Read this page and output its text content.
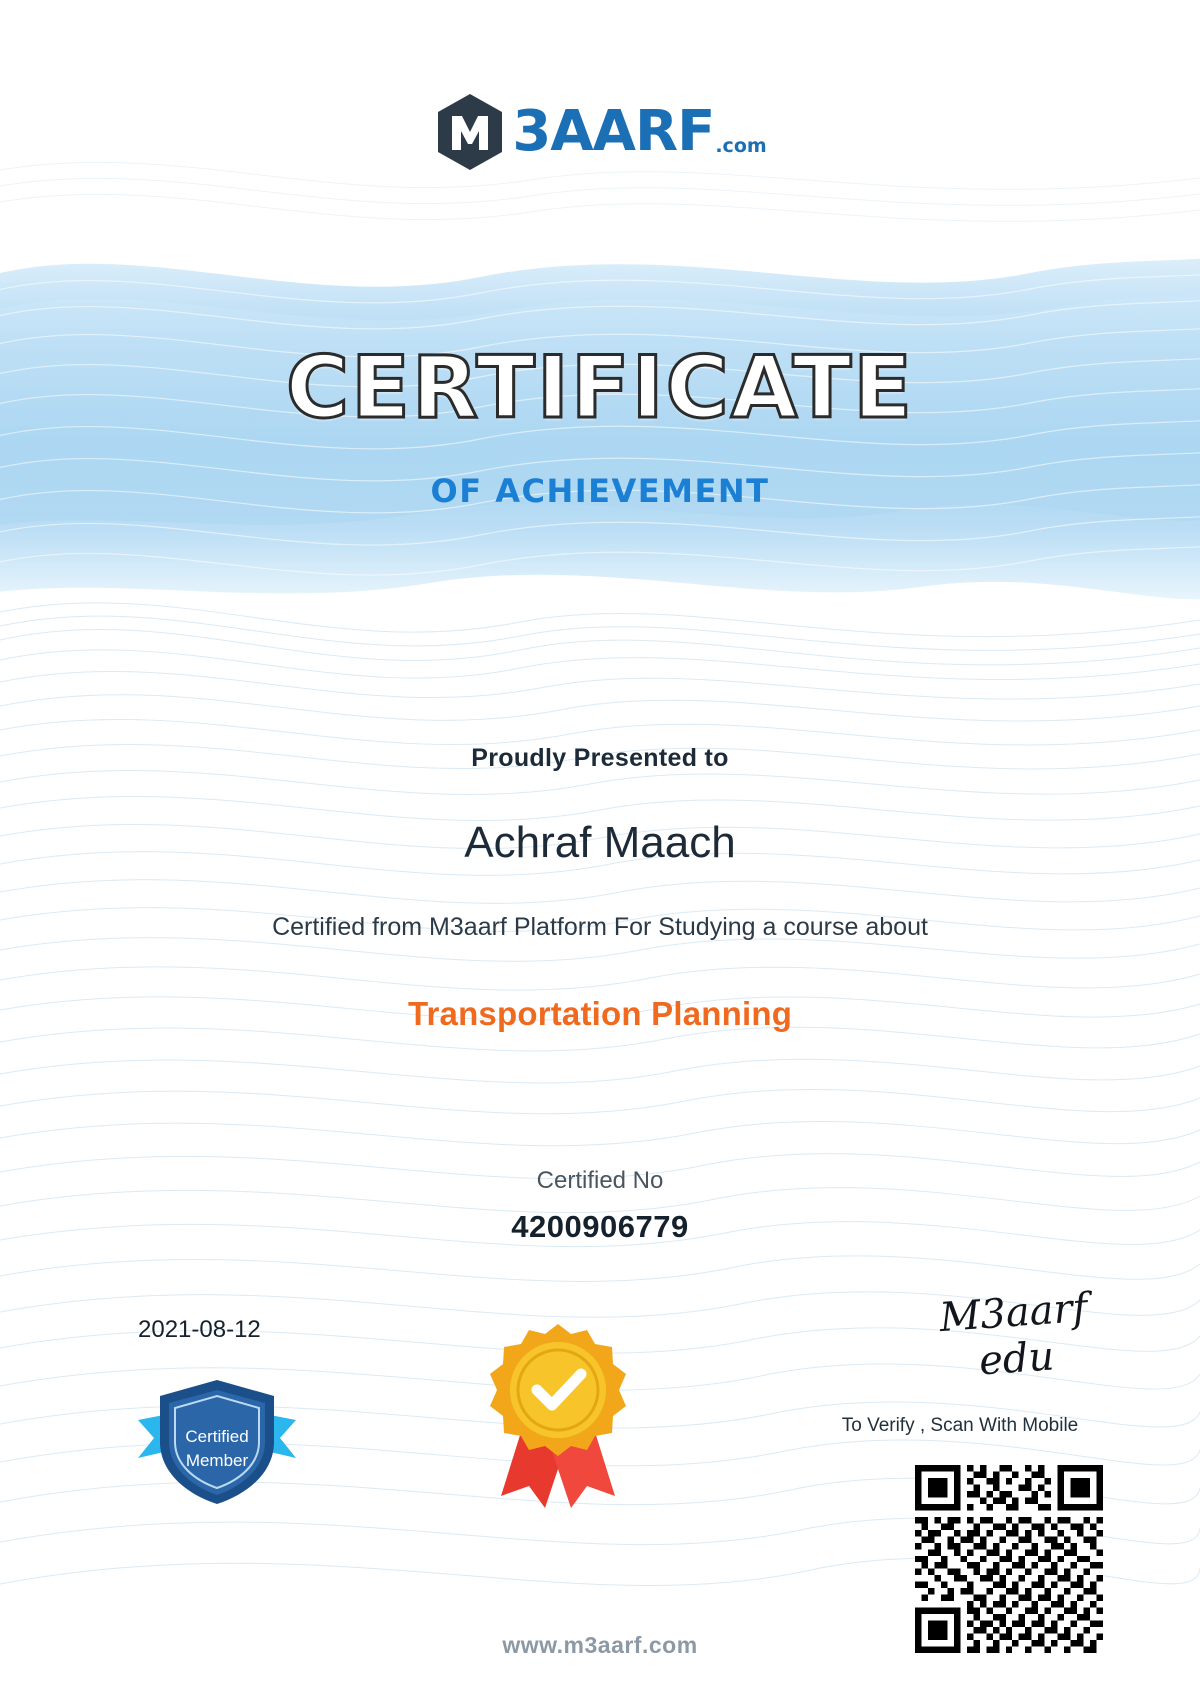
3AARF .com
CERTIFICATE
OF ACHIEVEMENT
Proudly Presented to
Achraf Maach
Certified from M3aarf Platform For Studying a course about
Transportation Planning
Certified No
4200906779
2021-08-12
Certified
Member
M3aarf edu
To Verify , Scan With Mobile
www.m3aarf.com
